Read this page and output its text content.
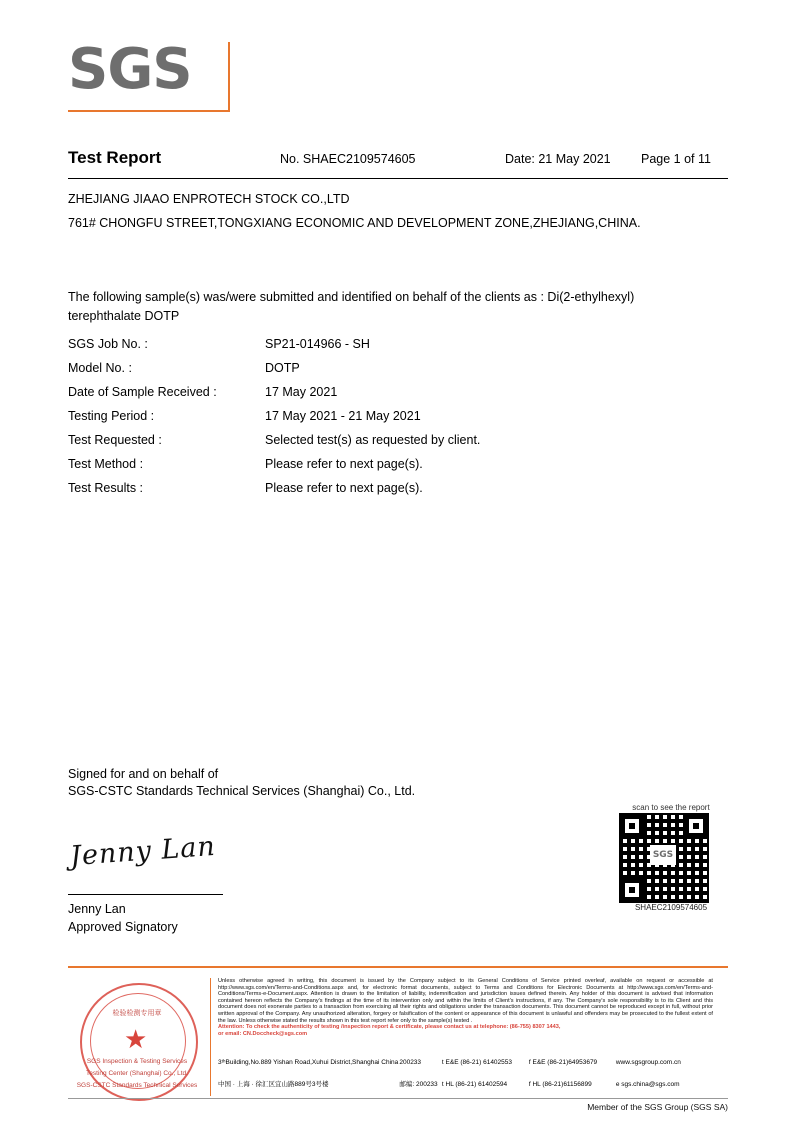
SGS
Test Report	No. SHAEC2109574605	Date: 21 May 2021 Page 1 of 11
ZHEJIANG JIAAO ENPROTECH STOCK CO.,LTD
761# CHONGFU STREET,TONGXIANG ECONOMIC AND DEVELOPMENT ZONE,ZHEJIANG,CHINA.
The following sample(s) was/were submitted and identified on behalf of the clients as : Di(2-ethylhexyl) terephthalate DOTP
SGS Job No. :	SP21-014966 - SH
Model No. :	DOTP
Date of Sample Received :	17 May 2021
Testing Period :	17 May 2021 - 21 May 2021
Test Requested :	Selected test(s) as requested by client.
Test Method :	Please refer to next page(s).
Test Results :	Please refer to next page(s).
Signed for and on behalf of
SGS-CSTC Standards Technical Services (Shanghai) Co., Ltd.
Jenny Lan
Jenny Lan
Approved Signatory
scan to see the report
SGS
SHAEC2109574605
★
检验检测专用章
SGS Inspection & Testing Services
Testing Center (Shanghai) Co., Ltd.
SGS-CSTC Standards Technical Services
Unless otherwise agreed in writing, this document is issued by the Company subject to its General Conditions of Service printed overleaf, available on request or accessible at http://www.sgs.com/en/Terms-and-Conditions.aspx and, for electronic format documents, subject to Terms and Conditions for Electronic Documents at http://www.sgs.com/en/Terms-and-Conditions/Terms-e-Document.aspx. Attention is drawn to the limitation of liability, indemnification and jurisdiction issues defined therein. Any holder of this document is advised that information contained hereon reflects the Company's findings at the time of its intervention only and within the limits of Client's instructions, if any. The Company's sole responsibility is to its Client and this document does not exonerate parties to a transaction from exercising all their rights and obligations under the transaction documents. This document cannot be reproduced except in full, without prior written approval of the Company. Any unauthorized alteration, forgery or falsification of the content or appearance of this document is unlawful and offenders may be prosecuted to the fullest extent of the law. Unless otherwise stated the results shown in this test report refer only to the sample(s) tested .
Attention: To check the authenticity of testing /inspection report & certificate, please contact us at telephone: (86-755) 8307 1443,
or email: CN.Doccheck@sgs.com
3ᵗʰBuilding,No.889 Yishan Road,Xuhui District,Shanghai China 200233	t E&E (86-21) 61402553	f E&E (86-21)64953679	www.sgsgroup.com.cn
中国 · 上海 · 徐汇区宜山路889号3号楼	邮编: 200233 t HL (86-21) 61402594	f HL (86-21)61156899	e sgs.china@sgs.com
Member of the SGS Group (SGS SA)
